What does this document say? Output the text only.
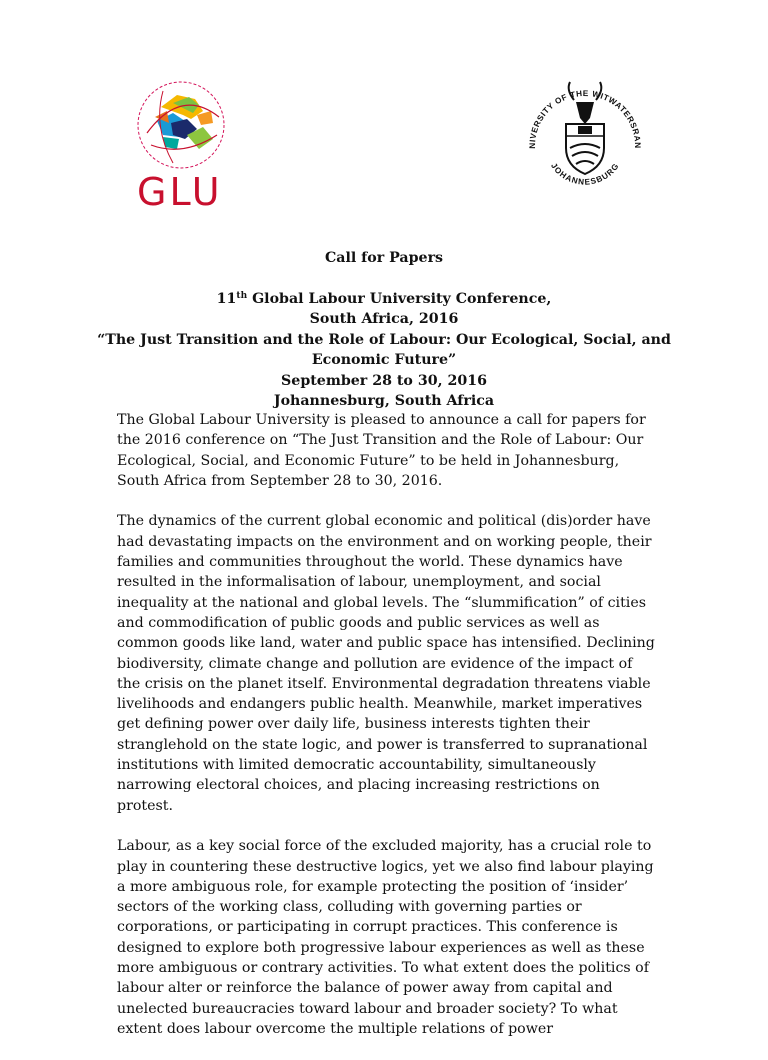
GLU
NIVERSITY OF THE WITWATERSRAN
JOHANNESBURG
Call for Papers
11th Global Labour University Conference,
South Africa, 2016
“The Just Transition and the Role of Labour: Our Ecological, Social, and
Economic Future”
September 28 to 30, 2016
Johannesburg, South Africa

The Global Labour University is pleased to announce a call for papers for the 2016 conference on “The Just Transition and the Role of Labour: Our Ecological, Social, and Economic Future” to be held in Johannesburg, South Africa from September 28 to 30, 2016.

The dynamics of the current global economic and political (dis)order have had devastating impacts on the environment and on working people, their families and communities throughout the world. These dynamics have resulted in the informalisation of labour, unemployment, and social inequality at the national and global levels. The “slummification” of cities and commodification of public goods and public services as well as common goods like land, water and public space has intensified. Declining biodiversity, climate change and pollution are evidence of the impact of the crisis on the planet itself. Environmental degradation threatens viable livelihoods and endangers public health. Meanwhile, market imperatives get defining power over daily life, business interests tighten their stranglehold on the state logic, and power is transferred to supranational institutions with limited democratic accountability, simultaneously narrowing electoral choices, and placing increasing restrictions on protest.

Labour, as a key social force of the excluded majority, has a crucial role to play in countering these destructive logics, yet we also find labour playing a more ambiguous role, for example protecting the position of ‘insider’ sectors of the working class, colluding with governing parties or corporations, or participating in corrupt practices. This conference is designed to explore both progressive labour experiences as well as these more ambiguous or contrary activities. To what extent does the politics of labour alter or reinforce the balance of power away from capital and unelected bureaucracies toward labour and broader society? To what extent does labour overcome the multiple relations of power
